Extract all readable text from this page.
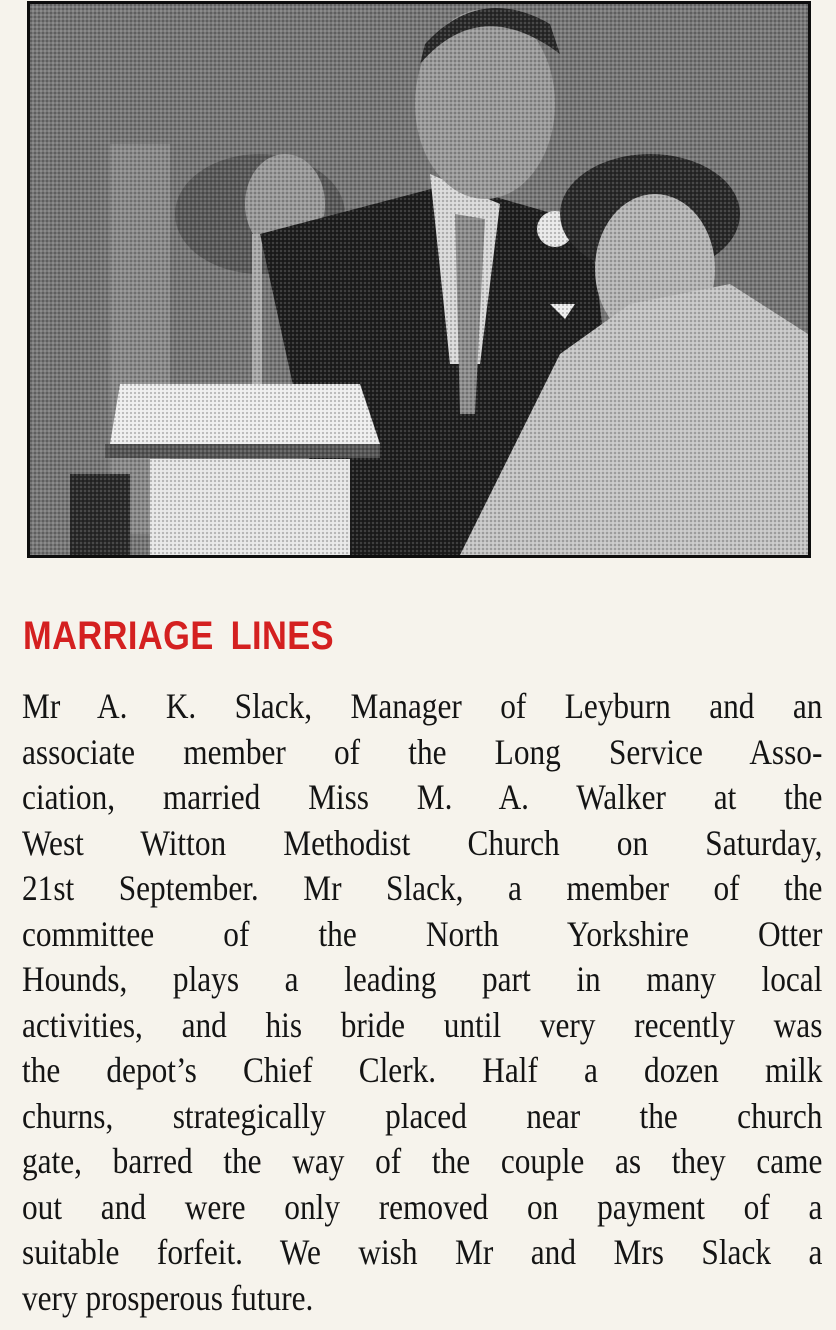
MARRIAGE LINES
Mr A. K. Slack, Manager of Leyburn and an
associate member of the Long Service Asso-
ciation, married Miss M. A. Walker at the
West Witton Methodist Church on Saturday,
21st September. Mr Slack, a member of the
committee of the North Yorkshire Otter
Hounds, plays a leading part in many local
activities, and his bride until very recently was
the depot’s Chief Clerk. Half a dozen milk
churns, strategically placed near the church
gate, barred the way of the couple as they came
out and were only removed on payment of a
suitable forfeit. We wish Mr and Mrs Slack a
very prosperous future.
